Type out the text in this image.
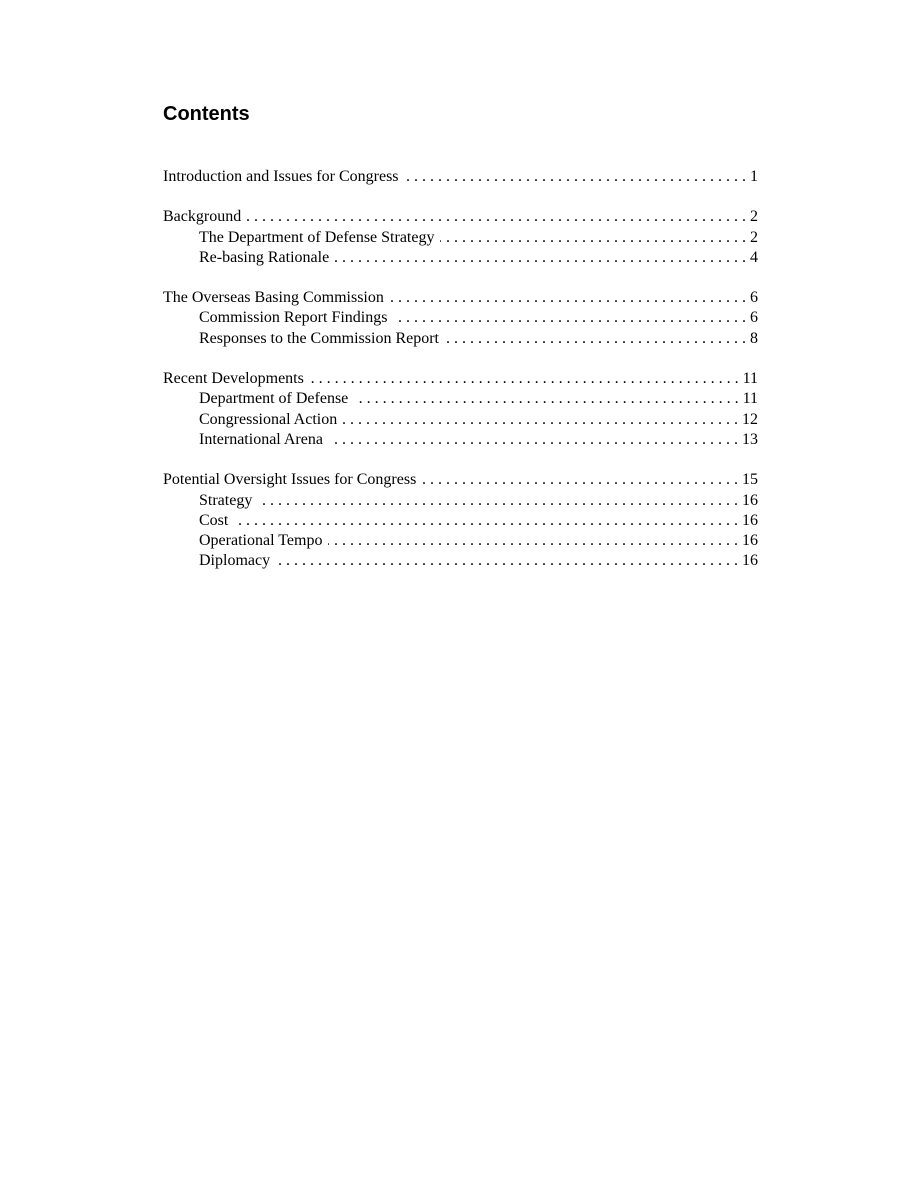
Contents
Introduction and Issues for Congress . . .	1
Background . . .	2
The Department of Defense Strategy . . .	2
Re-basing Rationale . . .	4
The Overseas Basing Commission . . .	6
Commission Report Findings . . .	6
Responses to the Commission Report . . .	8
Recent Developments . . .	11
Department of Defense . . .	11
Congressional Action . . .	12
International Arena . . .	13
Potential Oversight Issues for Congress . . .	15
Strategy . . .	16
Cost . . .	16
Operational Tempo . . .	16
Diplomacy . . .	16
